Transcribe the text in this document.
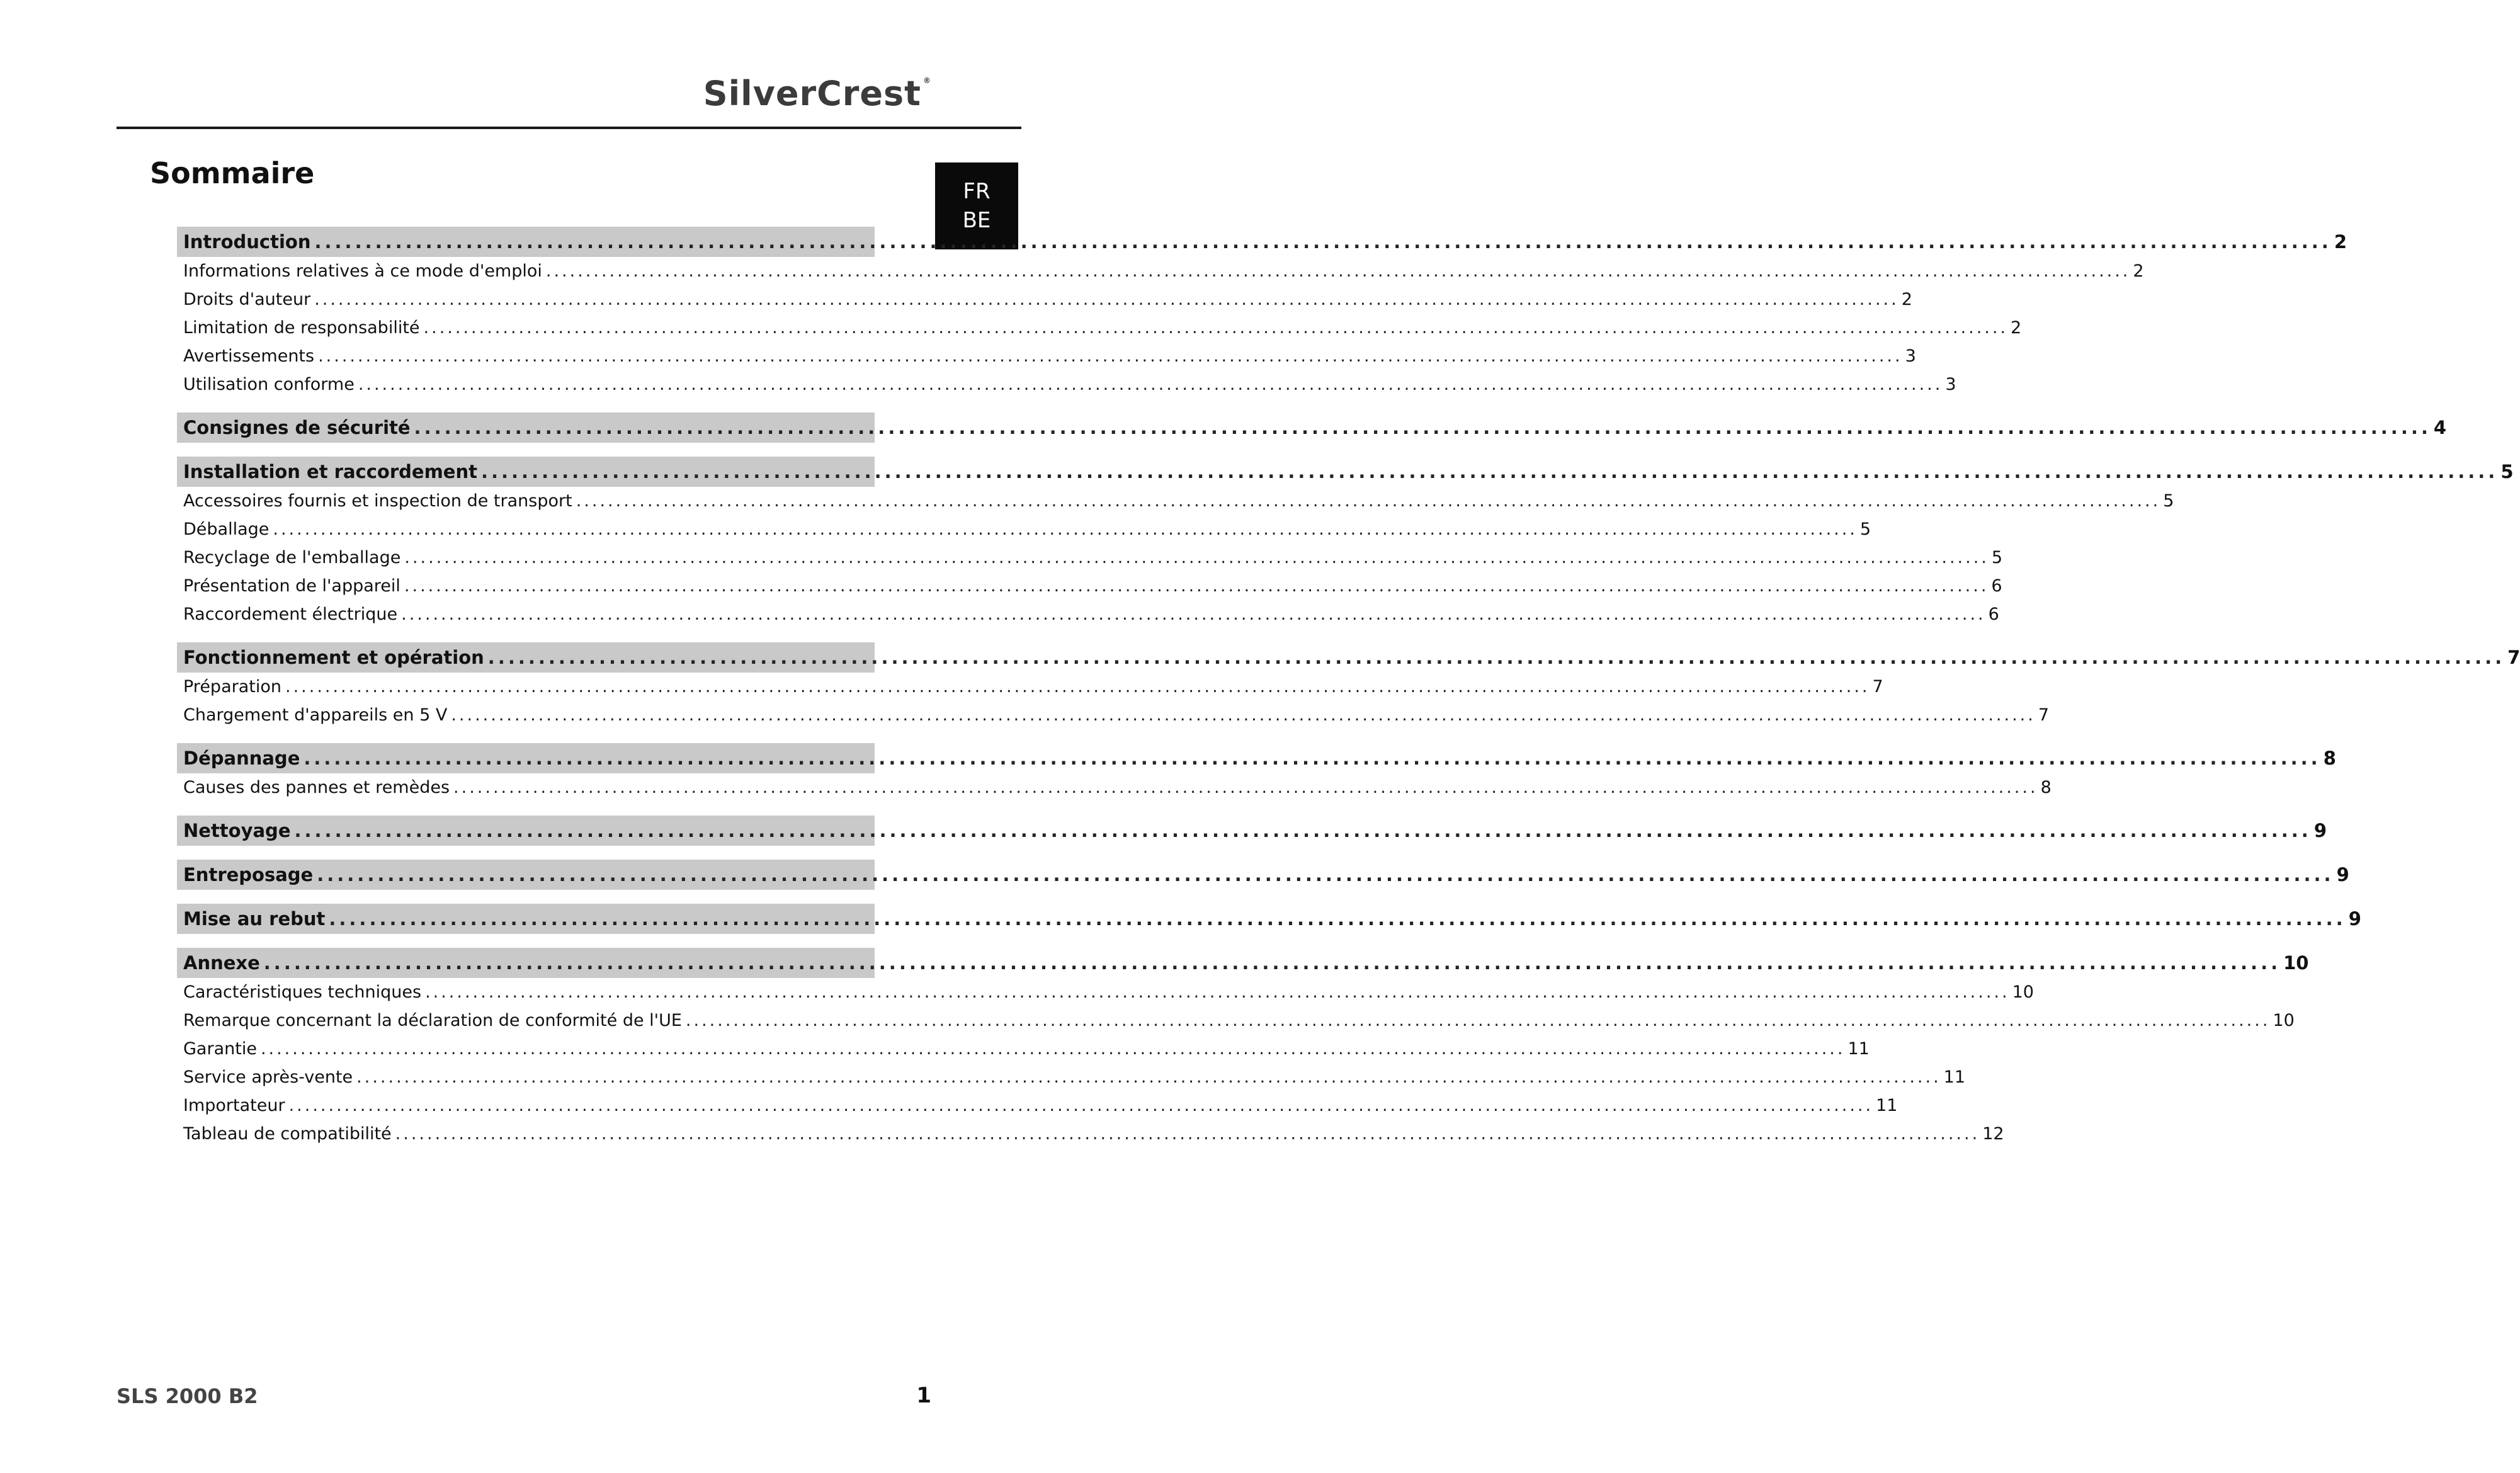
SilverCrest ®
FR
BE
Sommaire
Introduction ........................................................................................................................................................................................................ 2
Informations relatives à ce mode d'emploi ........................................................................................................................................................................................................ 2
Droits d'auteur ........................................................................................................................................................................................................ 2
Limitation de responsabilité ........................................................................................................................................................................................................ 2
Avertissements ........................................................................................................................................................................................................ 3
Utilisation conforme ........................................................................................................................................................................................................ 3
Consignes de sécurité ........................................................................................................................................................................................................ 4
Installation et raccordement ........................................................................................................................................................................................................ 5
Accessoires fournis et inspection de transport ........................................................................................................................................................................................................ 5
Déballage ........................................................................................................................................................................................................ 5
Recyclage de l'emballage ........................................................................................................................................................................................................ 5
Présentation de l'appareil ........................................................................................................................................................................................................ 6
Raccordement électrique ........................................................................................................................................................................................................ 6
Fonctionnement et opération ........................................................................................................................................................................................................ 7
Préparation ........................................................................................................................................................................................................ 7
Chargement d'appareils en 5 V ........................................................................................................................................................................................................ 7
Dépannage ........................................................................................................................................................................................................ 8
Causes des pannes et remèdes ........................................................................................................................................................................................................ 8
Nettoyage ........................................................................................................................................................................................................ 9
Entreposage ........................................................................................................................................................................................................ 9
Mise au rebut ........................................................................................................................................................................................................ 9
Annexe ........................................................................................................................................................................................................ 10
Caractéristiques techniques ........................................................................................................................................................................................................ 10
Remarque concernant la déclaration de conformité de l'UE ........................................................................................................................................................................................................ 10
Garantie ........................................................................................................................................................................................................ 11
Service après-vente ........................................................................................................................................................................................................ 11
Importateur ........................................................................................................................................................................................................ 11
Tableau de compatibilité ........................................................................................................................................................................................................ 12
SLS 2000 B2	1
